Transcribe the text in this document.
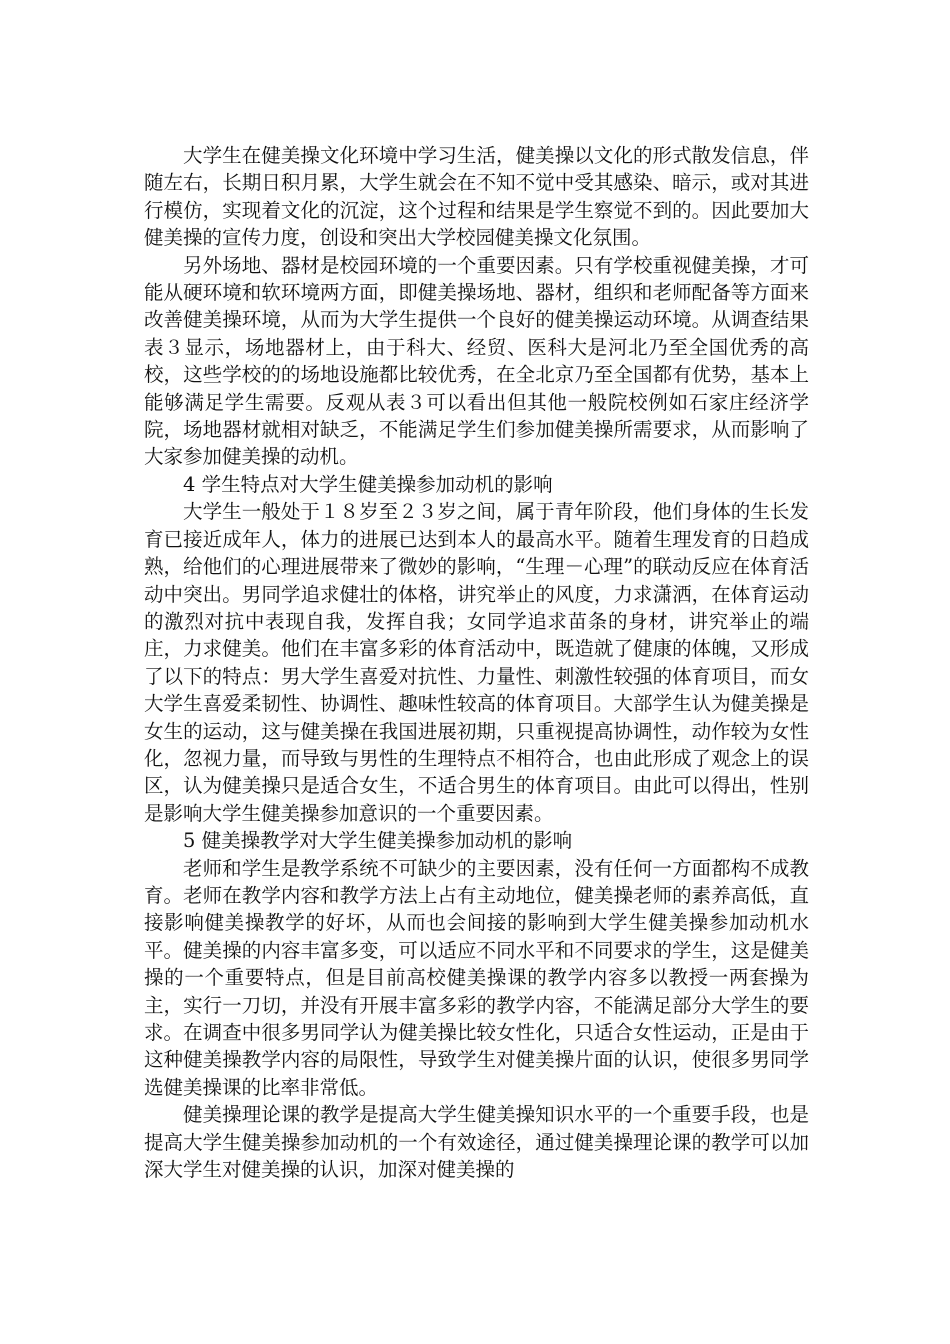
大学生在健美操文化环境中学习生活，健美操以文化的形式散发信息，伴随左右，长期日积月累，大学生就会在不知不觉中受其感染、暗示，或对其进行模仿，实现着文化的沉淀，这个过程和结果是学生察觉不到的。因此要加大健美操的宣传力度，创设和突出大学校园健美操文化氛围。

另外场地、器材是校园环境的一个重要因素。只有学校重视健美操，才可能从硬环境和软环境两方面，即健美操场地、器材，组织和老师配备等方面来改善健美操环境，从而为大学生提供一个良好的健美操运动环境。从调查结果表３显示，场地器材上，由于科大、经贸、医科大是河北乃至全国优秀的高校，这些学校的的场地设施都比较优秀，在全北京乃至全国都有优势，基本上能够满足学生需要。反观从表３可以看出但其他一般院校例如石家庄经济学院，场地器材就相对缺乏，不能满足学生们参加健美操所需要求，从而影响了大家参加健美操的动机。

4 学生特点对大学生健美操参加动机的影响

大学生一般处于１８岁至２３岁之间，属于青年阶段，他们身体的生长发育已接近成年人，体力的进展已达到本人的最高水平。随着生理发育的日趋成熟，给他们的心理进展带来了微妙的影响，“生理－心理”的联动反应在体育活动中突出。男同学追求健壮的体格，讲究举止的风度，力求潇洒，在体育运动的激烈对抗中表现自我，发挥自我；女同学追求苗条的身材，讲究举止的端庄，力求健美。他们在丰富多彩的体育活动中，既造就了健康的体魄，又形成了以下的特点：男大学生喜爱对抗性、力量性、刺激性较强的体育项目，而女大学生喜爱柔韧性、协调性、趣味性较高的体育项目。大部学生认为健美操是女生的运动，这与健美操在我国进展初期，只重视提高协调性，动作较为女性化，忽视力量，而导致与男性的生理特点不相符合，也由此形成了观念上的误区，认为健美操只是适合女生，不适合男生的体育项目。由此可以得出，性别是影响大学生健美操参加意识的一个重要因素。

5 健美操教学对大学生健美操参加动机的影响

老师和学生是教学系统不可缺少的主要因素，没有任何一方面都构不成教育。老师在教学内容和教学方法上占有主动地位，健美操老师的素养高低，直接影响健美操教学的好坏，从而也会间接的影响到大学生健美操参加动机水平。健美操的内容丰富多变，可以适应不同水平和不同要求的学生，这是健美操的一个重要特点，但是目前高校健美操课的教学内容多以教授一两套操为主，实行一刀切，并没有开展丰富多彩的教学内容，不能满足部分大学生的要求。在调查中很多男同学认为健美操比较女性化，只适合女性运动，正是由于这种健美操教学内容的局限性，导致学生对健美操片面的认识，使很多男同学选健美操课的比率非常低。

健美操理论课的教学是提高大学生健美操知识水平的一个重要手段，也是提高大学生健美操参加动机的一个有效途径，通过健美操理论课的教学可以加深大学生对健美操的认识，加深对健美操的
